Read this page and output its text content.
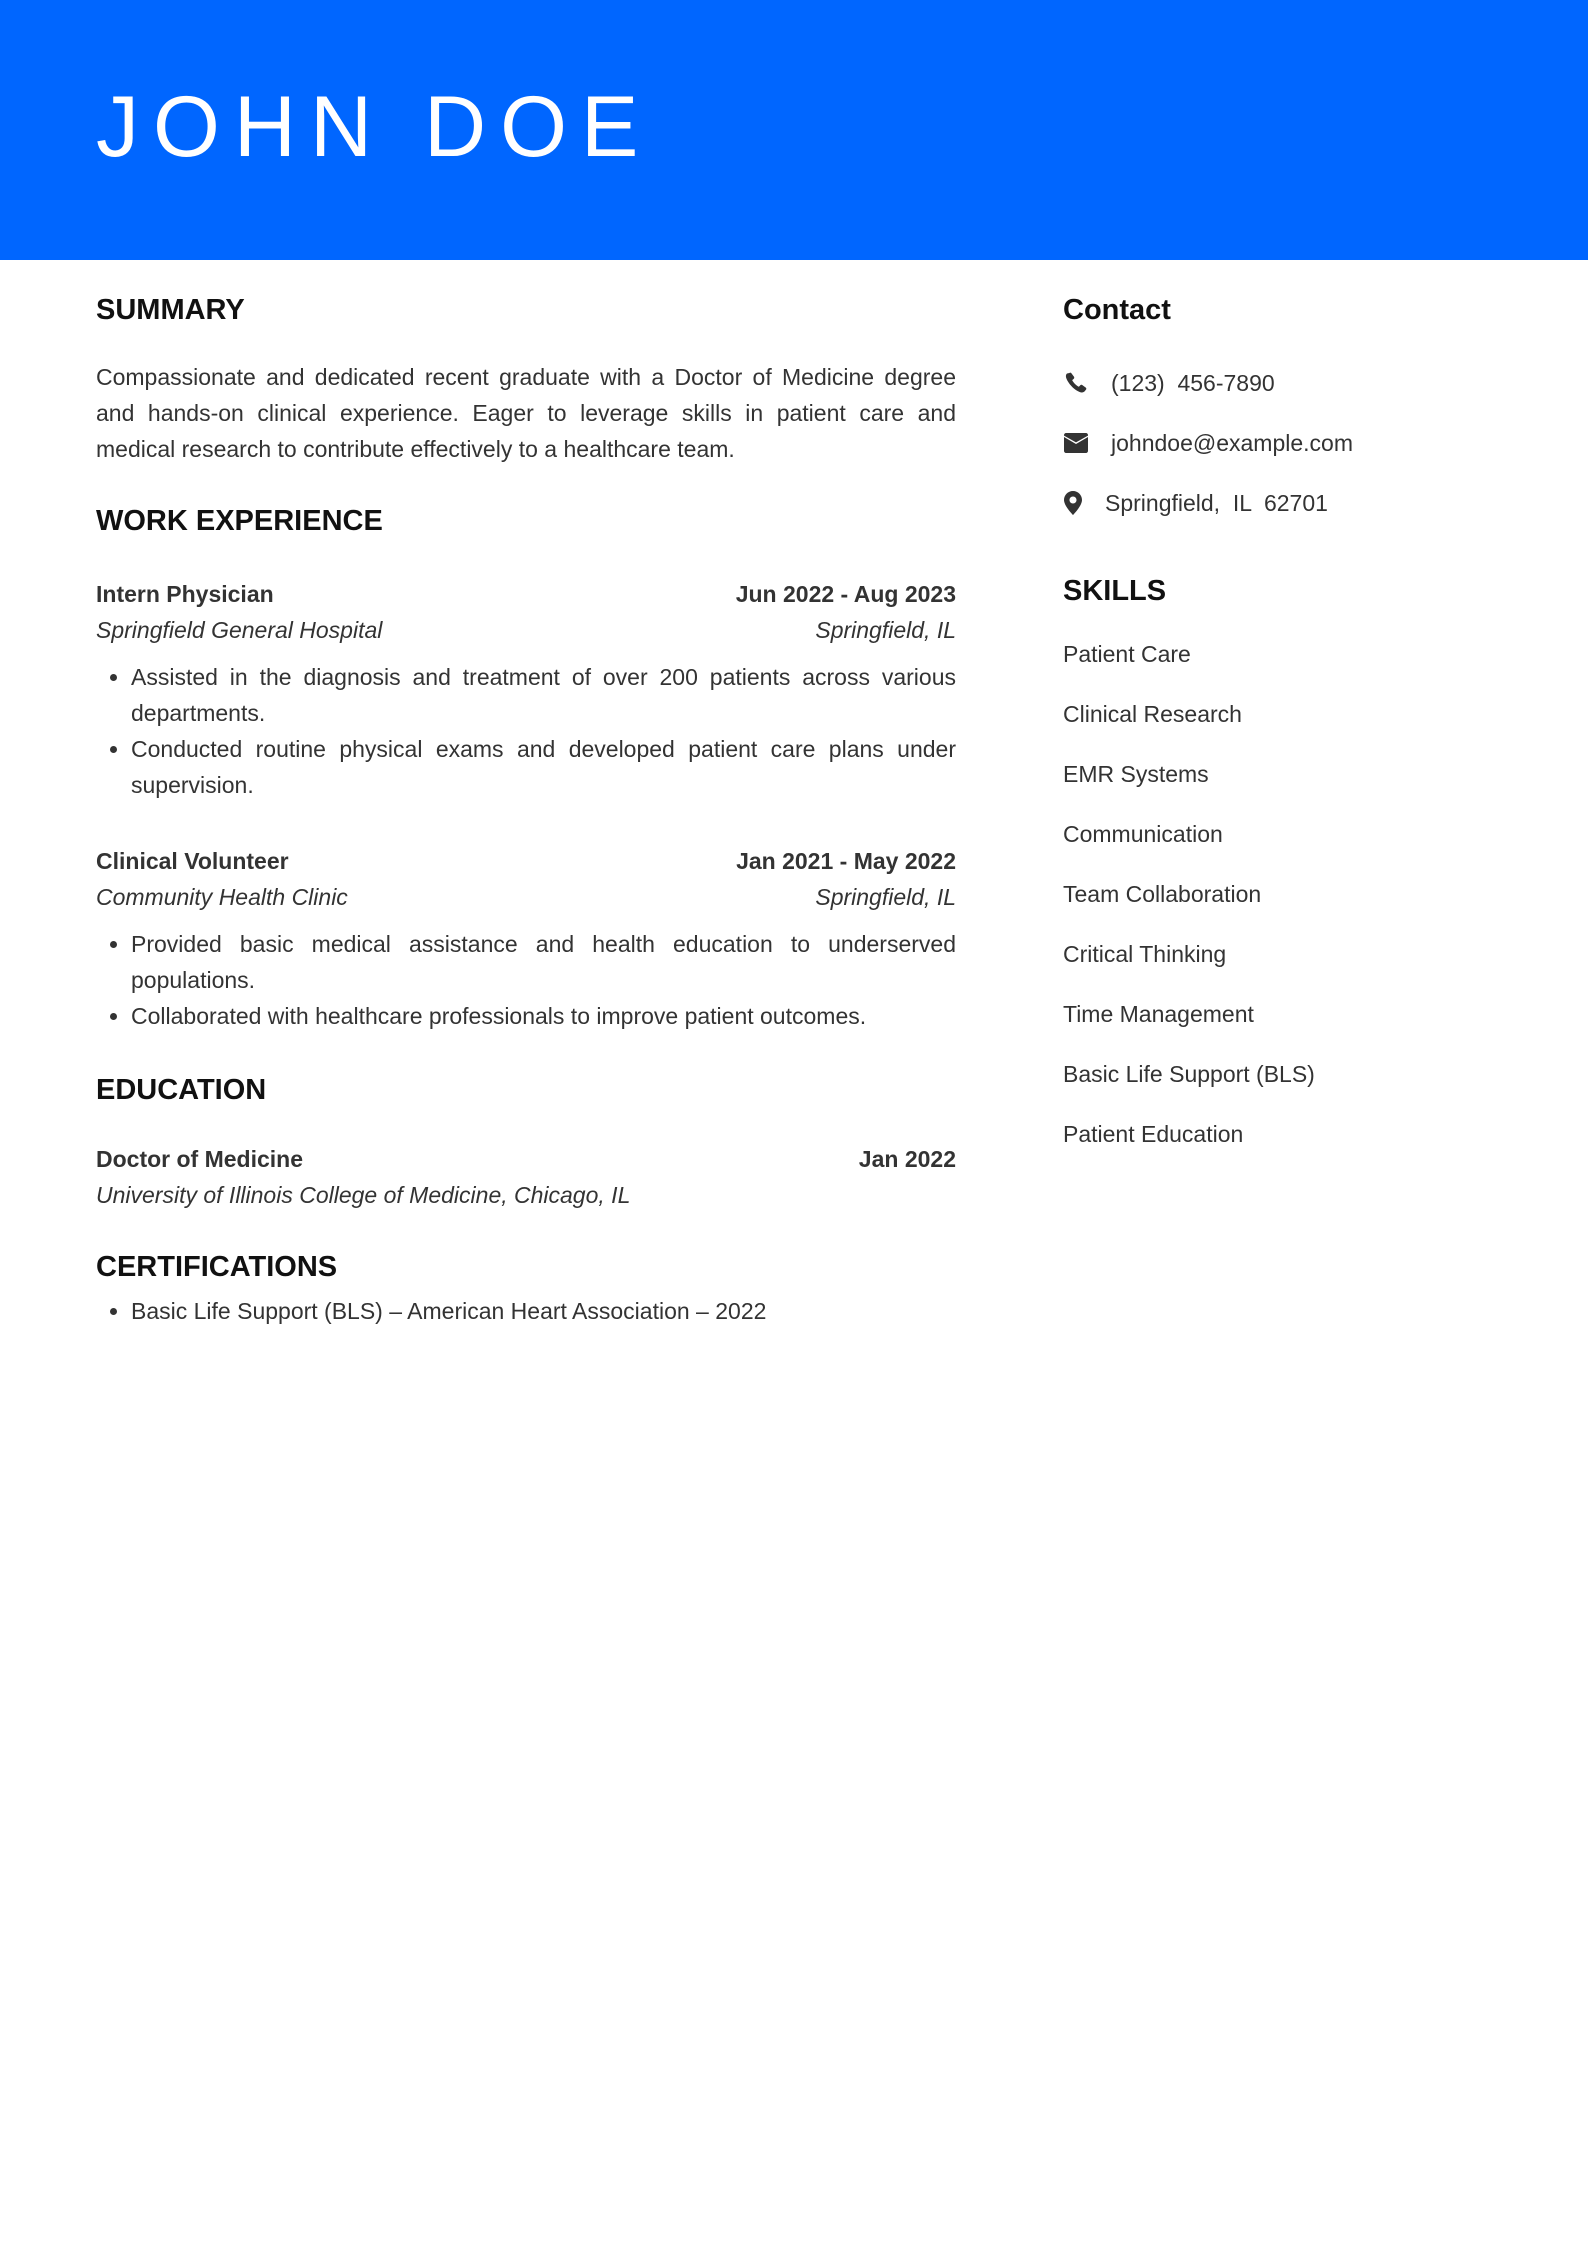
JOHN DOE
SUMMARY

Compassionate and dedicated recent graduate with a Doctor of Medicine degree and hands-on clinical experience. Eager to leverage skills in patient care and medical research to contribute effectively to a healthcare team.

WORK EXPERIENCE
Intern Physician	Jun 2022 - Aug 2023
Springfield General Hospital	Springfield, IL
• Assisted in the diagnosis and treatment of over 200 patients across various departments.
• Conducted routine physical exams and developed patient care plans under supervision.
Clinical Volunteer	Jan 2021 - May 2022
Community Health Clinic	Springfield, IL
• Provided basic medical assistance and health education to underserved populations.
• Collaborated with healthcare professionals to improve patient outcomes.
EDUCATION
Doctor of Medicine	Jan 2022
University of Illinois College of Medicine, Chicago, IL
CERTIFICATIONS
• Basic Life Support (BLS) – American Heart Association – 2022
Contact
(123)  456-7890
johndoe@example.com
Springfield,  IL  62701
SKILLS
Patient Care
Clinical Research
EMR Systems
Communication
Team Collaboration
Critical Thinking
Time Management
Basic Life Support (BLS)
Patient Education
